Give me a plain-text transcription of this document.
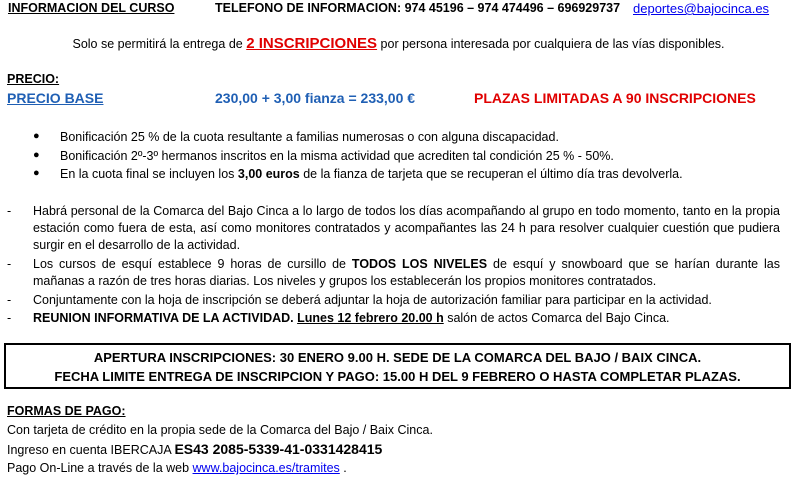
INFORMACION DEL CURSO	TELEFONO DE INFORMACION: 974 45196 – 974 474496 – 696929737 deportes@bajocinca.es
Solo se permitirá la entrega de 2 INSCRIPCIONES por persona interesada por cualquiera de las vías disponibles.
PRECIO:
PRECIO BASE	230,00 + 3,00 fianza = 233,00 €	PLAZAS LIMITADAS A 90 INSCRIPCIONES
● Bonificación 25 % de la cuota resultante a familias numerosas o con alguna discapacidad.
● Bonificación 2º-3º hermanos inscritos en la misma actividad que acrediten tal condición 25 % - 50%.
● En la cuota final se incluyen los 3,00 euros de la fianza de tarjeta que se recuperan el último día tras devolverla.
- Habrá personal de la Comarca del Bajo Cinca a lo largo de todos los días acompañando al grupo en todo momento, tanto en la propia estación como fuera de esta, así como monitores contratados y acompañantes las 24 h para resolver cualquier cuestión que pudiera surgir en el desarrollo de la actividad.
- Los cursos de esquí establece 9 horas de cursillo de TODOS LOS NIVELES de esquí y snowboard que se harían durante las mañanas a razón de tres horas diarias. Los niveles y grupos los establecerán los propios monitores contratados.
- Conjuntamente con la hoja de inscripción se deberá adjuntar la hoja de autorización familiar para participar en la actividad.
- REUNION INFORMATIVA DE LA ACTIVIDAD. Lunes 12 febrero 20.00 h salón de actos Comarca del Bajo Cinca.
APERTURA INSCRIPCIONES: 30 ENERO 9.00 H. SEDE DE LA COMARCA DEL BAJO / BAIX CINCA.
FECHA LIMITE ENTREGA DE INSCRIPCION Y PAGO: 15.00 H DEL 9 FEBRERO O HASTA COMPLETAR PLAZAS.
FORMAS DE PAGO:
Con tarjeta de crédito en la propia sede de la Comarca del Bajo / Baix Cinca.
Ingreso en cuenta IBERCAJA ES43 2085-5339-41-0331428415
Pago On-Line a través de la web www.bajocinca.es/tramites .
